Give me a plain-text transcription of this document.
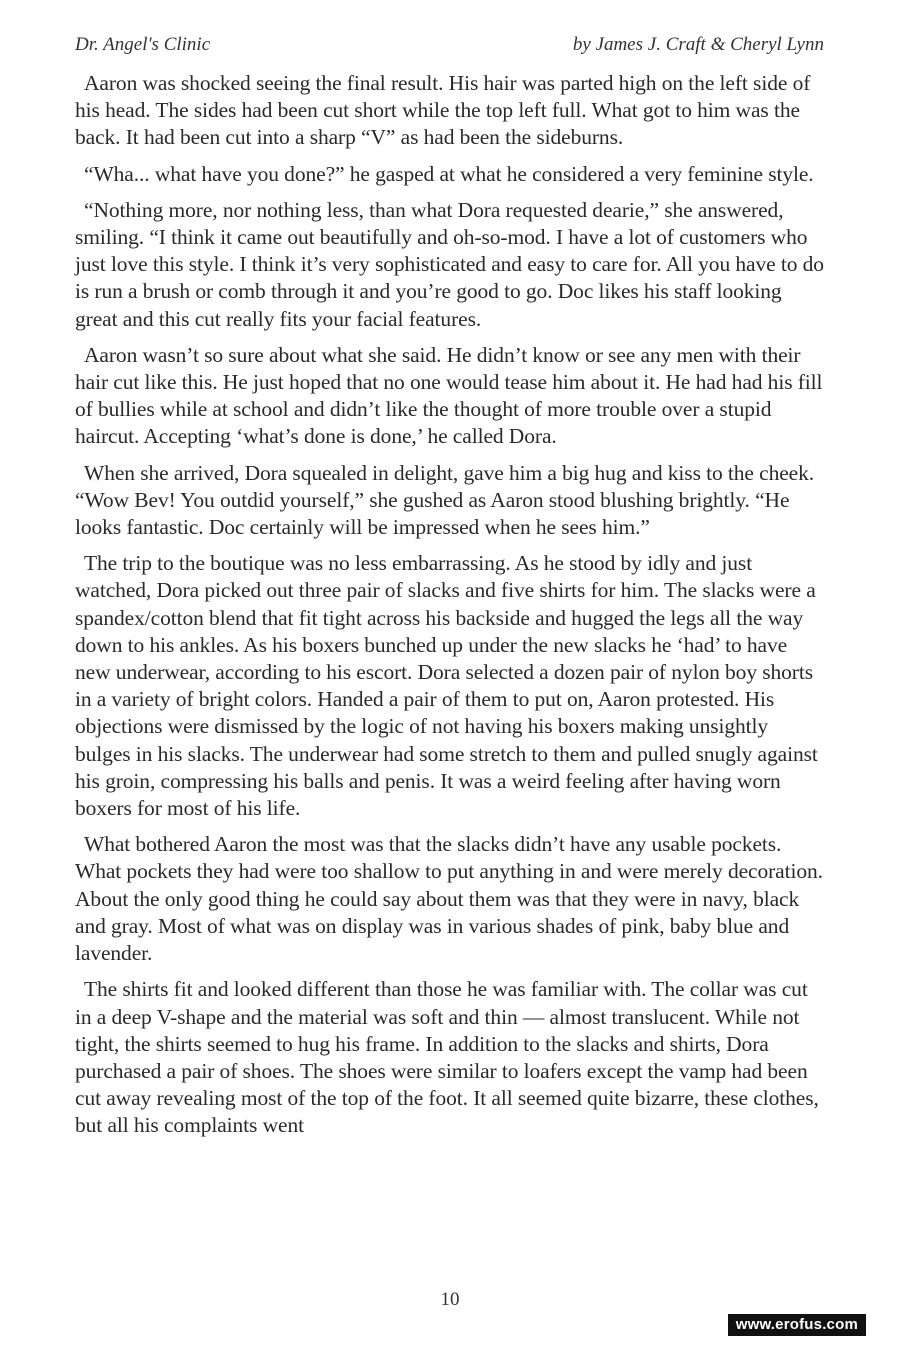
Dr. Angel's Clinic	by James J. Craft & Cheryl Lynn

Aaron was shocked seeing the final result. His hair was parted high on the left side of his head. The sides had been cut short while the top left full. What got to him was the back. It had been cut into a sharp “V” as had been the sideburns.

“Wha... what have you done?” he gasped at what he considered a very feminine style.

“Nothing more, nor nothing less, than what Dora requested dearie,” she answered, smiling. “I think it came out beautifully and oh-so-mod. I have a lot of customers who just love this style. I think it’s very sophisticated and easy to care for. All you have to do is run a brush or comb through it and you’re good to go. Doc likes his staff looking great and this cut really fits your facial features.

Aaron wasn’t so sure about what she said. He didn’t know or see any men with their hair cut like this. He just hoped that no one would tease him about it. He had had his fill of bullies while at school and didn’t like the thought of more trouble over a stupid haircut. Accepting ‘what’s done is done,’ he called Dora.

When she arrived, Dora squealed in delight, gave him a big hug and kiss to the cheek. “Wow Bev! You outdid yourself,” she gushed as Aaron stood blushing brightly. “He looks fantastic. Doc certainly will be impressed when he sees him.”

The trip to the boutique was no less embarrassing. As he stood by idly and just watched, Dora picked out three pair of slacks and five shirts for him. The slacks were a spandex/cotton blend that fit tight across his backside and hugged the legs all the way down to his ankles. As his boxers bunched up under the new slacks he ‘had’ to have new underwear, according to his escort. Dora selected a dozen pair of nylon boy shorts in a variety of bright colors. Handed a pair of them to put on, Aaron protested. His objections were dismissed by the logic of not having his boxers making unsightly bulges in his slacks. The underwear had some stretch to them and pulled snugly against his groin, compressing his balls and penis. It was a weird feeling after having worn boxers for most of his life.

What bothered Aaron the most was that the slacks didn’t have any usable pockets. What pockets they had were too shallow to put anything in and were merely decoration. About the only good thing he could say about them was that they were in navy, black and gray. Most of what was on display was in various shades of pink, baby blue and lavender.

The shirts fit and looked different than those he was familiar with. The collar was cut in a deep V-shape and the material was soft and thin — almost translucent. While not tight, the shirts seemed to hug his frame. In addition to the slacks and shirts, Dora purchased a pair of shoes. The shoes were similar to loafers except the vamp had been cut away revealing most of the top of the foot. It all seemed quite bizarre, these clothes, but all his complaints went

10
www.erofus.com
